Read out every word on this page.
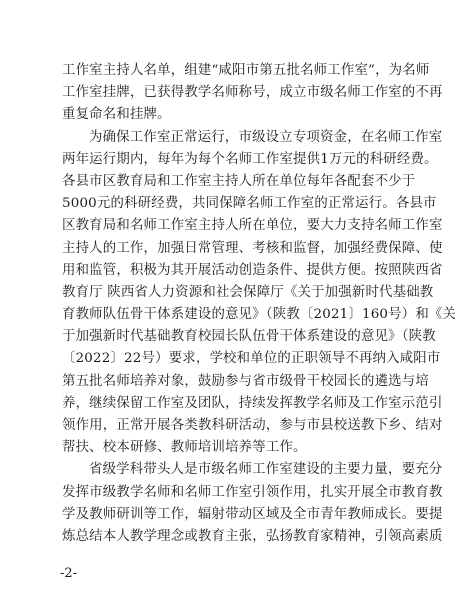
工作室主持人名单，组建“咸阳市第五批名师工作室”，为名师
工作室挂牌，已获得教学名师称号，成立市级名师工作室的不再
重复命名和挂牌。
为确保工作室正常运行，市级设立专项资金，在名师工作室
两年运行期内，每年为每个名师工作室提供1万元的科研经费。
各县市区教育局和工作室主持人所在单位每年各配套不少于
5000元的科研经费，共同保障名师工作室的正常运行。各县市
区教育局和名师工作室主持人所在单位，要大力支持名师工作室
主持人的工作，加强日常管理、考核和监督，加强经费保障、使
用和监管，积极为其开展活动创造条件、提供方便。按照陕西省
教育厅 陕西省人力资源和社会保障厅《关于加强新时代基础教
育教师队伍骨干体系建设的意见》（陕教〔2021〕160号）和《关
于加强新时代基础教育校园长队伍骨干体系建设的意见》（陕教
〔2022〕22号）要求，学校和单位的正职领导不再纳入咸阳市
第五批名师培养对象，鼓励参与省市级骨干校园长的遴选与培
养，继续保留工作室及团队，持续发挥教学名师及工作室示范引
领作用，正常开展各类教科研活动，参与市县校送教下乡、结对
帮扶、校本研修、教师培训培养等工作。
省级学科带头人是市级名师工作室建设的主要力量，要充分
发挥市级教学名师和名师工作室引领作用，扎实开展全市教育教
学及教师研训等工作，辐射带动区域及全市青年教师成长。要提
炼总结本人教学理念或教育主张，弘扬教育家精神，引领高素质
-2-
